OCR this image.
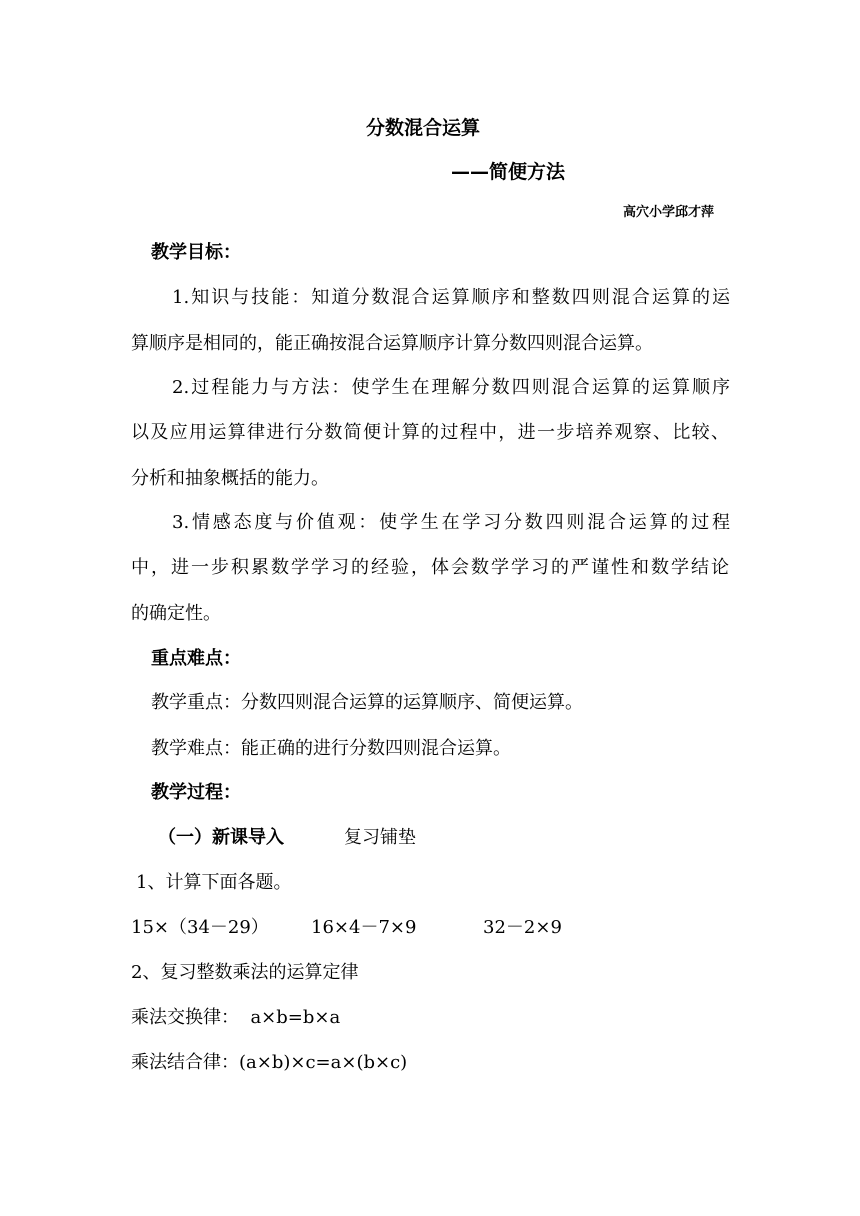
分数混合运算
——简便方法
高穴小学邱才萍
教学目标：
1.知识与技能：知道分数混合运算顺序和整数四则混合运算的运
算顺序是相同的，能正确按混合运算顺序计算分数四则混合运算。
2.过程能力与方法：使学生在理解分数四则混合运算的运算顺序
以及应用运算律进行分数简便计算的过程中，进一步培养观察、比较、
分析和抽象概括的能力。
3.情感态度与价值观：使学生在学习分数四则混合运算的过程
中，进一步积累数学学习的经验，体会数学学习的严谨性和数学结论
的确定性。
重点难点：
教学重点：分数四则混合运算的运算顺序、简便运算。
教学难点：能正确的进行分数四则混合运算。
教学过程：
（一）新课导入	复习铺垫
1、计算下面各题。
15×（34－29） 16×4－7×9	32－2×9
2、复习整数乘法的运算定律
乘法交换律：  a×b=b×a
乘法结合律：(a×b)×c=a×(b×c)
